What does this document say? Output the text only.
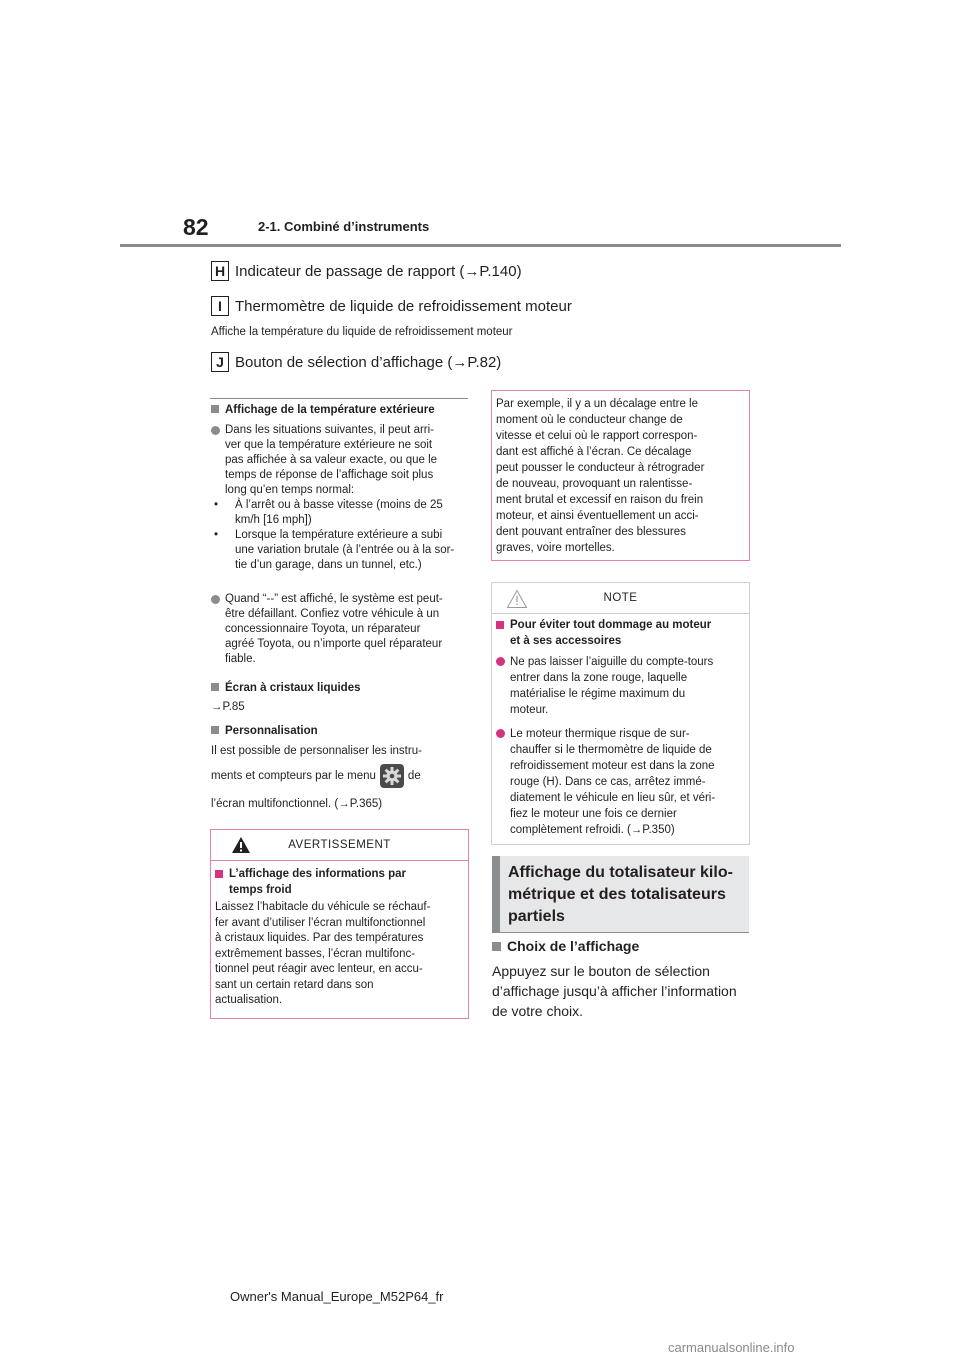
82	2-1. Combiné d’instruments
H Indicateur de passage de rapport (→P.140)
I Thermomètre de liquide de refroidissement moteur
Affiche la température du liquide de refroidissement moteur
J Bouton de sélection d’affichage (→P.82)
Affichage de la température extérieure
Dans les situations suivantes, il peut arri-
ver que la température extérieure ne soit
pas affichée à sa valeur exacte, ou que le
temps de réponse de l’affichage soit plus
long qu’en temps normal:
•	À l’arrêt ou à basse vitesse (moins de 25
km/h [16 mph])
•	Lorsque la température extérieure a subi
une variation brutale (à l’entrée ou à la sor-
tie d’un garage, dans un tunnel, etc.)
Quand “--” est affiché, le système est peut-
être défaillant. Confiez votre véhicule à un
concessionnaire Toyota, un réparateur
agréé Toyota, ou n’importe quel réparateur
fiable.
Écran à cristaux liquides
→P.85
Personnalisation
Il est possible de personnaliser les instru-
ments et compteurs par le menu	de
l’écran multifonctionnel. (→P.365)
AVERTISSEMENT
L’affichage des informations par
temps froid
Laissez l’habitacle du véhicule se réchauf-
fer avant d’utiliser l’écran multifonctionnel
à cristaux liquides. Par des températures
extrêmement basses, l’écran multifonc-
tionnel peut réagir avec lenteur, en accu-
sant un certain retard dans son
actualisation.
Par exemple, il y a un décalage entre le
moment où le conducteur change de
vitesse et celui où le rapport correspon-
dant est affiché à l’écran. Ce décalage
peut pousser le conducteur à rétrograder
de nouveau, provoquant un ralentisse-
ment brutal et excessif en raison du frein
moteur, et ainsi éventuellement un acci-
dent pouvant entraîner des blessures
graves, voire mortelles.
NOTE
Pour éviter tout dommage au moteur
et à ses accessoires
Ne pas laisser l’aiguille du compte-tours
entrer dans la zone rouge, laquelle
matérialise le régime maximum du
moteur.
Le moteur thermique risque de sur-
chauffer si le thermomètre de liquide de
refroidissement moteur est dans la zone
rouge (H). Dans ce cas, arrêtez immé-
diatement le véhicule en lieu sûr, et véri-
fiez le moteur une fois ce dernier
complètement refroidi. (→P.350)
Affichage du totalisateur kilo-
métrique et des totalisateurs
partiels
Choix de l’affichage
Appuyez sur le bouton de sélection
d’affichage jusqu’à afficher l’information
de votre choix.
Owner's Manual_Europe_M52P64_fr
carmanualsonline.info
